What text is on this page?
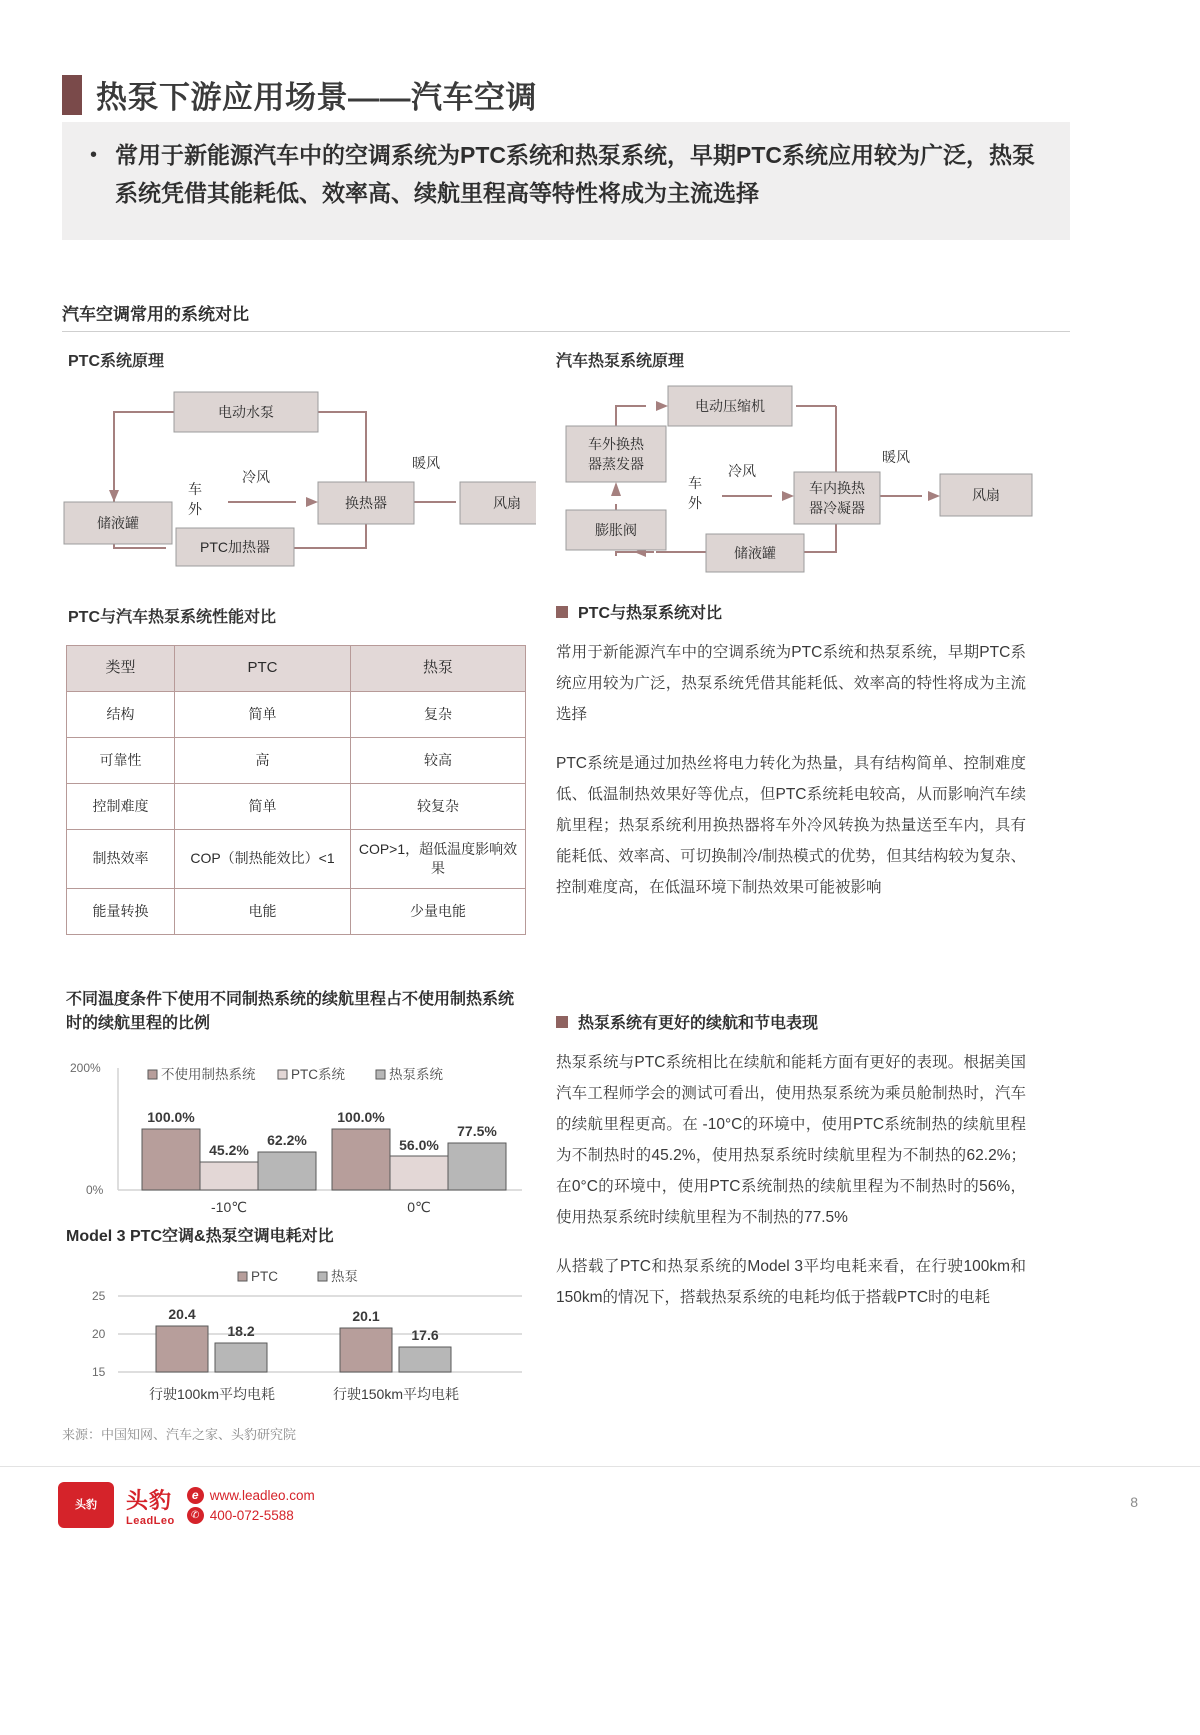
热泵下游应用场景——汽车空调
• 常用于新能源汽车中的空调系统为PTC系统和热泵系统，早期PTC系统应用较为广泛，热泵系统凭借其能耗低、效率高、续航里程高等特性将成为主流选择
汽车空调常用的系统对比
PTC系统原理
电动水泵
储液罐
PTC加热器
换热器	风扇
车
外
冷风
暖风
汽车热泵系统原理
电动压缩机
车外换热
器蒸发器
膨胀阀
储液罐
车内换热
器冷凝器
风扇
车
外
冷风
暖风
PTC与汽车热泵系统性能对比
类型	PTC	热泵
结构	简单	复杂
可靠性	高	较高
控制难度	简单	较复杂
制热效率	COP（制热能效比）<1	COP>1，超低温度影响效果
能量转换	电能	少量电能
PTC与热泵系统对比

常用于新能源汽车中的空调系统为PTC系统和热泵系统，早期PTC系统应用较为广泛，热泵系统凭借其能耗低、效率高的特性将成为主流选择

PTC系统是通过加热丝将电力转化为热量，具有结构简单、控制难度低、低温制热效果好等优点，但PTC系统耗电较高，从而影响汽车续航里程；热泵系统利用换热器将车外冷风转换为热量送至车内，具有能耗低、效率高、可切换制冷/制热模式的优势，但其结构较为复杂、控制难度高，在低温环境下制热效果可能被影响

热泵系统有更好的续航和节电表现

热泵系统与PTC系统相比在续航和能耗方面有更好的表现。根据美国汽车工程师学会的测试可看出，使用热泵系统为乘员舱制热时，汽车的续航里程更高。在 -10°C的环境中，使用PTC系统制热的续航里程为不制热时的45.2%，使用热泵系统时续航里程为不制热的62.2%；在0°C的环境中，使用PTC系统制热的续航里程为不制热时的56%，使用热泵系统时续航里程为不制热的77.5%

从搭载了PTC和热泵系统的Model 3平均电耗来看，在行驶100km和150km的情况下，搭载热泵系统的电耗均低于搭载PTC时的电耗

不同温度条件下使用不同制热系统的续航里程占不使用制热系统时的续航里程的比例
200%
0%
不使用制热系统	PTC系统	热泵系统
100.0%
45.2%
62.2%
-10℃
100.0%
56.0%
77.5%
0℃
Model 3 PTC空调&热泵空调电耗对比
PTC	热泵
25
20
15
20.4
18.2
行驶100km平均电耗
20.1
17.6
行驶150km平均电耗
来源：中国知网、汽车之家、头豹研究院
头豹	头豹
LeadLeo
e www.leadleo.com
✆ 400-072-5588
8
